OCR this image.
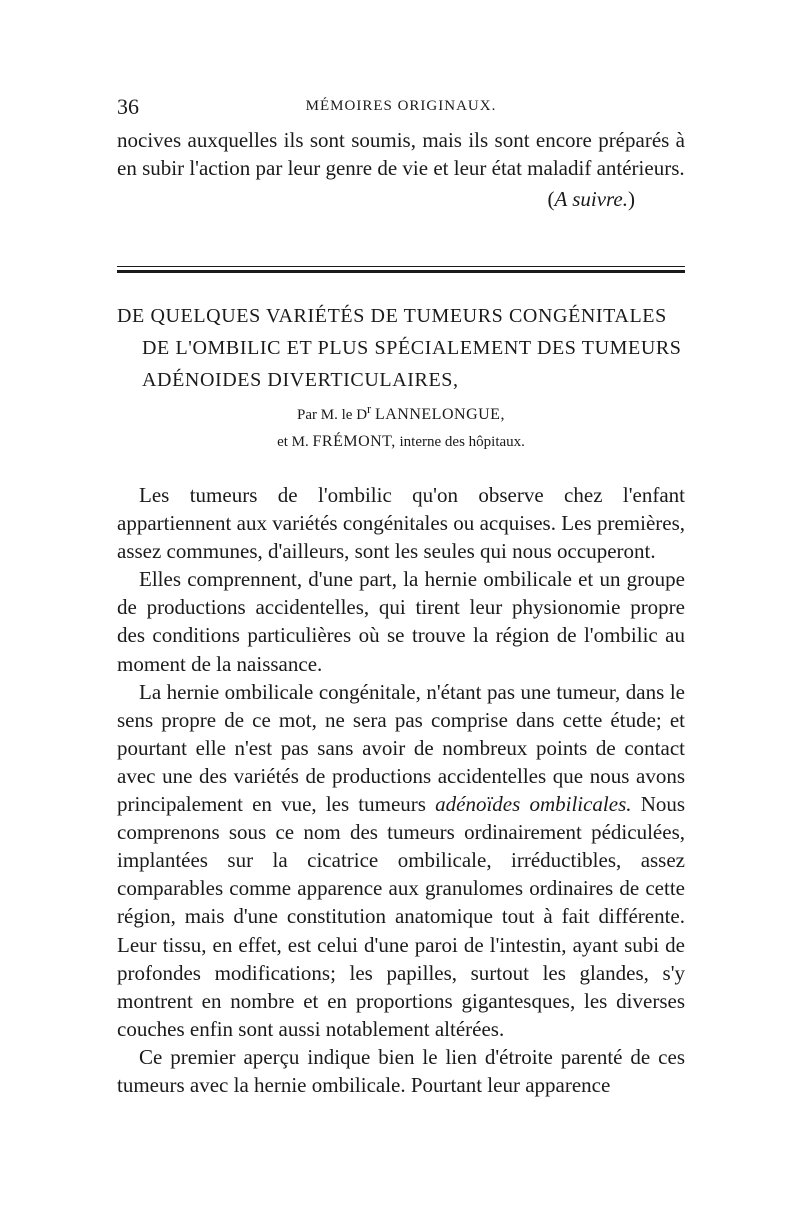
36	MÉMOIRES ORIGINAUX.

nocives auxquelles ils sont soumis, mais ils sont encore préparés à en subir l'action par leur genre de vie et leur état maladif antérieurs.

(A suivre.)

DE QUELQUES VARIÉTÉS DE TUMEURS CONGÉNITALES
DE L'OMBILIC ET PLUS SPÉCIALEMENT DES TUMEURS
ADÉNOIDES DIVERTICULAIRES,
Par M. le $D^r$ LANNELONGUE,
et M. FRÉMONT, interne des hôpitaux.

Les tumeurs de l'ombilic qu'on observe chez l'enfant appartiennent aux variétés congénitales ou acquises. Les premières, assez communes, d'ailleurs, sont les seules qui nous occuperont.

Elles comprennent, d'une part, la hernie ombilicale et un groupe de productions accidentelles, qui tirent leur physionomie propre des conditions particulières où se trouve la région de l'ombilic au moment de la naissance.

La hernie ombilicale congénitale, n'étant pas une tumeur, dans le sens propre de ce mot, ne sera pas comprise dans cette étude; et pourtant elle n'est pas sans avoir de nombreux points de contact avec une des variétés de productions accidentelles que nous avons principalement en vue, les tumeurs adénoïdes ombilicales. Nous comprenons sous ce nom des tumeurs ordinairement pédiculées, implantées sur la cicatrice ombilicale, irréductibles, assez comparables comme apparence aux granulomes ordinaires de cette région, mais d'une constitution anatomique tout à fait différente. Leur tissu, en effet, est celui d'une paroi de l'intestin, ayant subi de profondes modifications; les papilles, surtout les glandes, s'y montrent en nombre et en proportions gigantesques, les diverses couches enfin sont aussi notablement altérées.

Ce premier aperçu indique bien le lien d'étroite parenté de ces tumeurs avec la hernie ombilicale. Pourtant leur apparence
